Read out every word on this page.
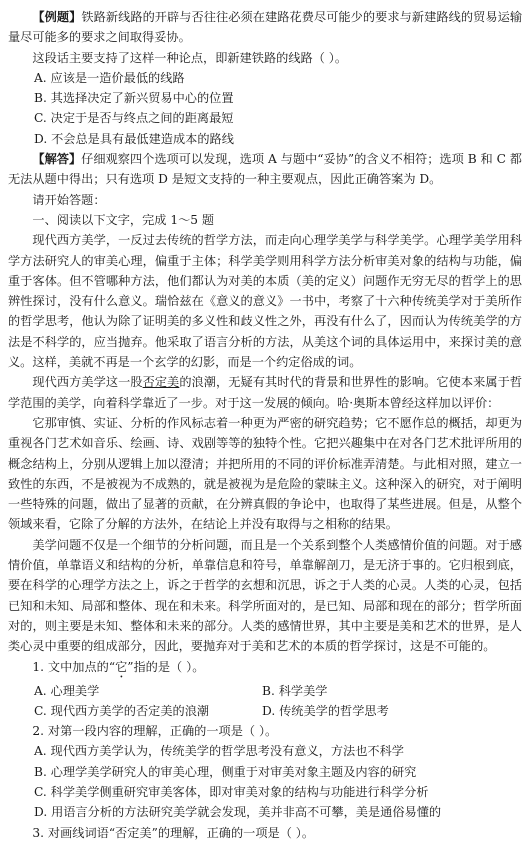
【例题】铁路新线路的开辟与否往往必须在建路花费尽可能少的要求与新建路线的贸易运输量尽可能多的要求之间取得妥协。

这段话主要支持了这样一种论点，即新建铁路的线路（ ）。

A. 应该是一造价最低的线路

B. 其选择决定了新兴贸易中心的位置

C. 决定于是否与终点之间的距离最短

D. 不会总是具有最低建造成本的路线

【解答】仔细观察四个选项可以发现，选项 A 与题中“妥协”的含义不相符；选项 B 和 C 都无法从题中得出；只有选项 D 是短文支持的一种主要观点，因此正确答案为 D。

请开始答题：

一、阅读以下文字，完成 1～5 题

现代西方美学，一反过去传统的哲学方法，而走向心理学美学与科学美学。心理学美学用科学方法研究人的审美心理，偏重于主体；科学美学则用科学方法分析审美对象的结构与功能，偏重于客体。但不管哪种方法，他们都认为对美的本质（美的定义）问题作无穷无尽的哲学上的思辨性探讨，没有什么意义。瑞恰兹在《意义的意义》一书中，考察了十六种传统美学对于美所作的哲学思考，他认为除了证明美的多义性和歧义性之外，再没有什么了，因而认为传统美学的方法是不科学的，应当抛弃。他采取了语言分析的方法，从美这个词的具体运用中，来探讨美的意义。这样，美就不再是一个玄学的幻影，而是一个约定俗成的词。

现代西方美学这一股否定美的浪潮，无疑有其时代的背景和世界性的影响。它使本来属于哲学范围的美学，向着科学靠近了一步。对于这一发展的倾向。哈·奥斯本曾经这样加以评价：

它那审慎、实证、分析的作风标志着一种更为严密的研究趋势；它不愿作总的概括，却更为重视各门艺术如音乐、绘画、诗、戏剧等等的独特个性。它把兴趣集中在对各门艺术批评所用的概念结构上，分别从逻辑上加以澄清；并把所用的不同的评价标准弄清楚。与此相对照，建立一致性的东西，不是被视为不成熟的，就是被视为是危险的蒙昧主义。这种深入的研究，对于阐明一些特殊的问题，做出了显著的贡献，在分辨真假的争论中，也取得了某些进展。但是，从整个领域来看，它除了分解的方法外，在结论上并没有取得与之相称的结果。

美学问题不仅是一个细节的分析问题，而且是一个关系到整个人类感情价值的问题。对于感情价值，单靠语义和结构的分析，单靠信息和符号，单靠解剖刀，是无济于事的。它归根到底，要在科学的心理学方法之上，诉之于哲学的玄想和沉思，诉之于人类的心灵。人类的心灵，包括已知和未知、局部和整体、现在和未来。科学所面对的，是已知、局部和现在的部分；哲学所面对的，则主要是未知、整体和未来的部分。人类的感情世界，其中主要是美和艺术的世界，是人类心灵中重要的组成部分，因此，要抛弃对于美和艺术的本质的哲学探讨，这是不可能的。

1. 文中加点的“它”指的是（ ）。

A. 心理美学	B. 科学美学
C. 现代西方美学的否定美的浪潮	D. 传统美学的哲学思考

2. 对第一段内容的理解，正确的一项是（ ）。

A. 现代西方美学认为，传统美学的哲学思考没有意义，方法也不科学

B. 心理学美学研究人的审美心理，侧重于对审美对象主题及内容的研究

C. 科学美学侧重研究审美客体，即对审美对象的结构与功能进行科学分析

D. 用语言分析的方法研究美学就会发现，美并非高不可攀，美是通俗易懂的

3. 对画线词语“否定美”的理解，正确的一项是（ ）。
